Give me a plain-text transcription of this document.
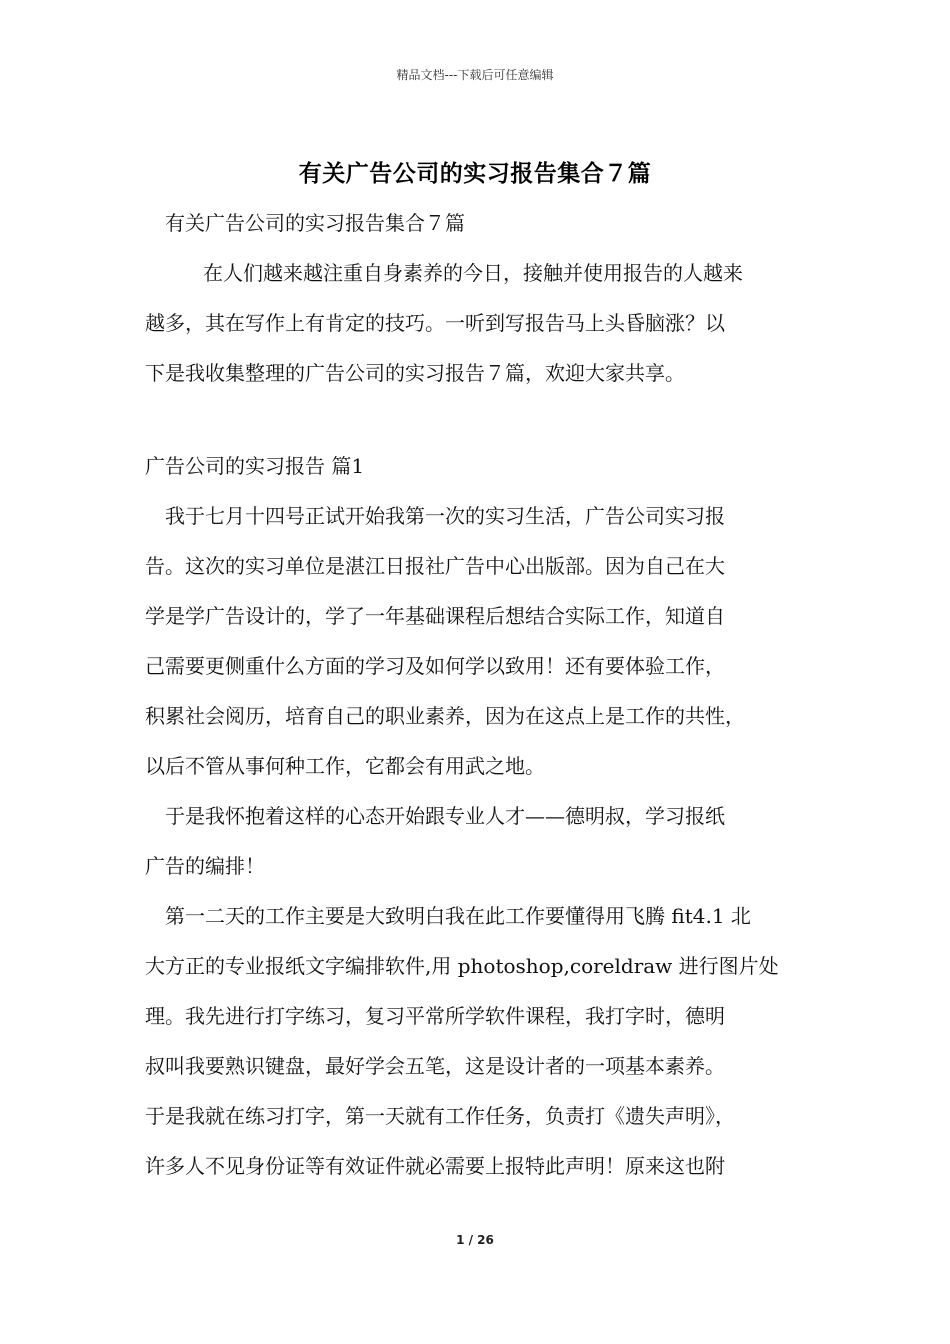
精品文档---下载后可任意编辑
有关广告公司的实习报告集合７篇
有关广告公司的实习报告集合７篇
在人们越来越注重自身素养的今日，接触并使用报告的人越来
越多，其在写作上有肯定的技巧。一听到写报告马上头昏脑涨？以
下是我收集整理的广告公司的实习报告７篇，欢迎大家共享。
广告公司的实习报告 篇1
我于七月十四号正试开始我第一次的实习生活，广告公司实习报
告。这次的实习单位是湛江日报社广告中心出版部。因为自己在大
学是学广告设计的，学了一年基础课程后想结合实际工作，知道自
己需要更侧重什么方面的学习及如何学以致用！还有要体验工作，
积累社会阅历，培育自己的职业素养，因为在这点上是工作的共性，
以后不管从事何种工作，它都会有用武之地。
于是我怀抱着这样的心态开始跟专业人才——德明叔，学习报纸
广告的编排！
第一二天的工作主要是大致明白我在此工作要懂得用飞腾 fit4.1 北
大方正的专业报纸文字编排软件,用 photoshop,coreldraw 进行图片处
理。我先进行打字练习，复习平常所学软件课程，我打字时，德明
叔叫我要熟识键盘，最好学会五笔，这是设计者的一项基本素养。
于是我就在练习打字，第一天就有工作任务，负责打《遗失声明》，
许多人不见身份证等有效证件就必需要上报特此声明！原来这也附
1 / 26
